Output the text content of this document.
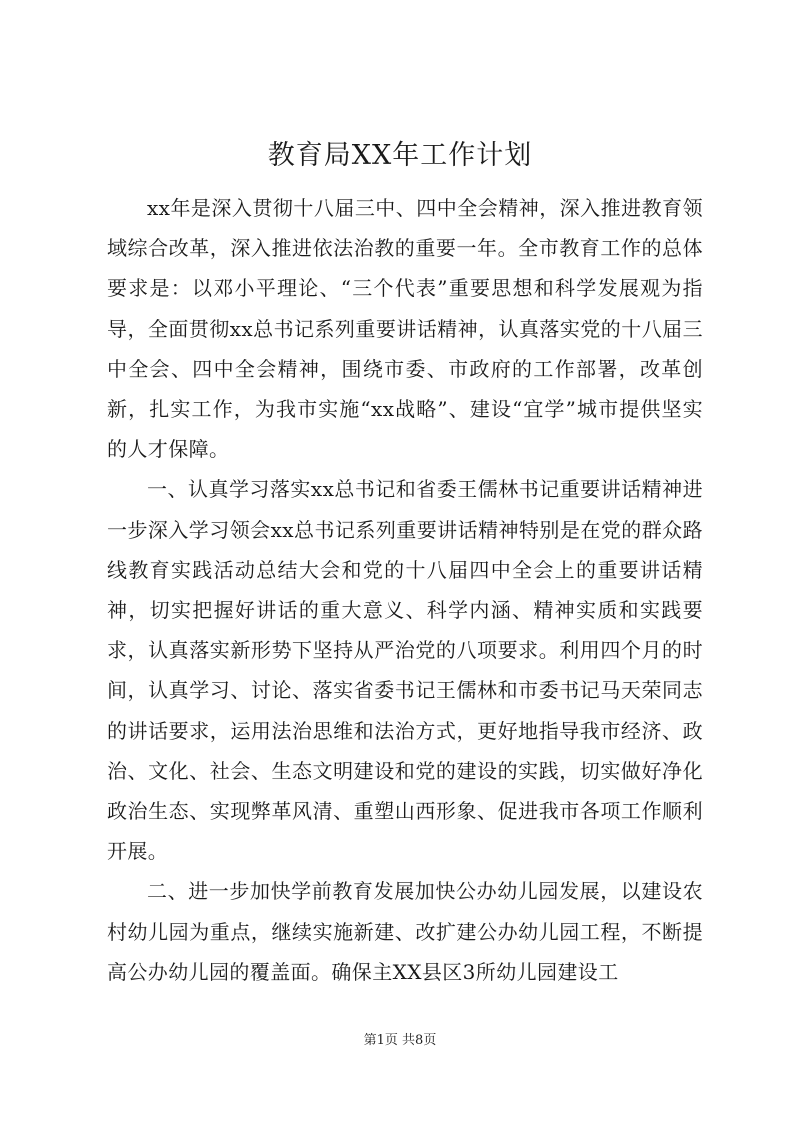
教育局XX年工作计划

xx年是深入贯彻十八届三中、四中全会精神，深入推进教育领域综合改革，深入推进依法治教的重要一年。全市教育工作的总体要求是：以邓小平理论、“三个代表”重要思想和科学发展观为指导，全面贯彻xx总书记系列重要讲话精神，认真落实党的十八届三中全会、四中全会精神，围绕市委、市政府的工作部署，改革创新，扎实工作，为我市实施“xx战略”、建设“宜学”城市提供坚实的人才保障。

一、认真学习落实xx总书记和省委王儒林书记重要讲话精神进一步深入学习领会xx总书记系列重要讲话精神特别是在党的群众路线教育实践活动总结大会和党的十八届四中全会上的重要讲话精神，切实把握好讲话的重大意义、科学内涵、精神实质和实践要求，认真落实新形势下坚持从严治党的八项要求。利用四个月的时间，认真学习、讨论、落实省委书记王儒林和市委书记马天荣同志的讲话要求，运用法治思维和法治方式，更好地指导我市经济、政治、文化、社会、生态文明建设和党的建设的实践，切实做好净化政治生态、实现弊革风清、重塑山西形象、促进我市各项工作顺利开展。

二、进一步加快学前教育发展加快公办幼儿园发展，以建设农村幼儿园为重点，继续实施新建、改扩建公办幼儿园工程，不断提高公办幼儿园的覆盖面。确保主XX县区3所幼儿园建设工

第1页 共8页
